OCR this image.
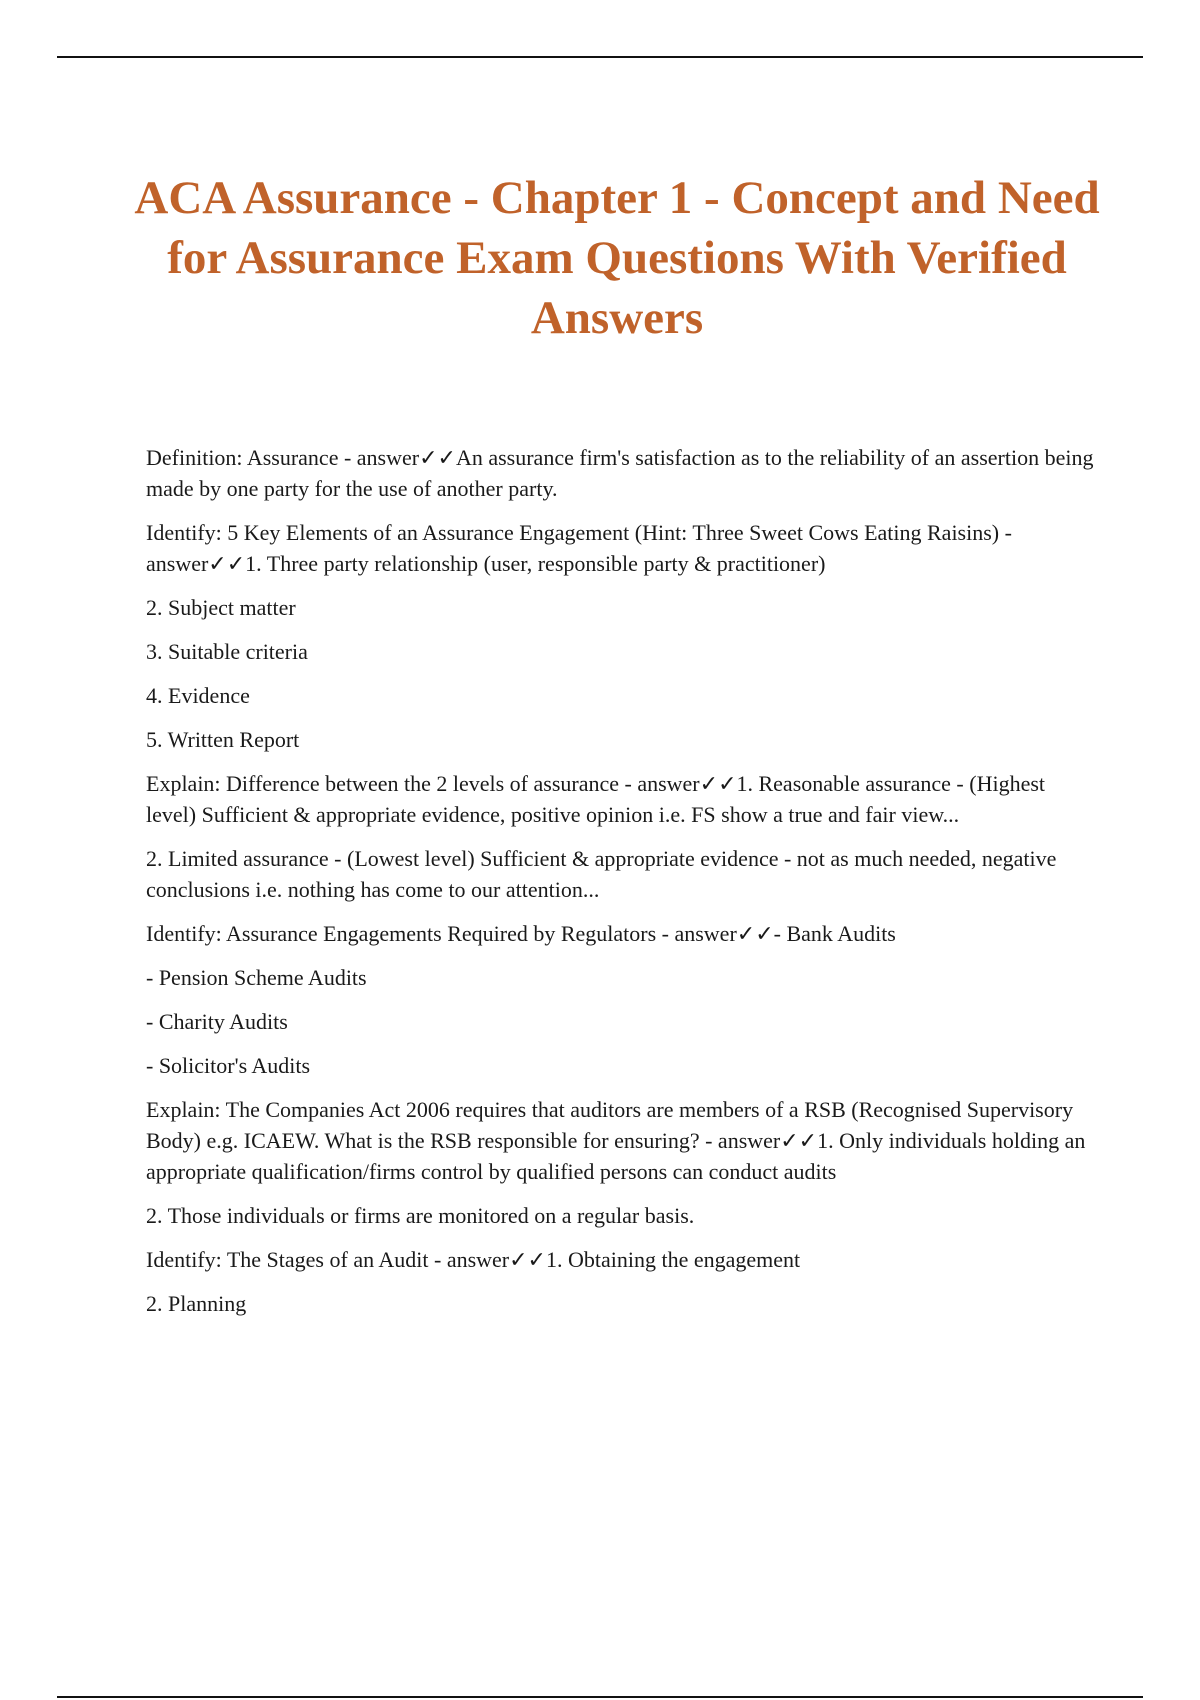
ACA Assurance - Chapter 1 - Concept and Need for Assurance Exam Questions With Verified Answers

Definition: Assurance - answer✓✓An assurance firm's satisfaction as to the reliability of an assertion being made by one party for the use of another party.

Identify: 5 Key Elements of an Assurance Engagement (Hint: Three Sweet Cows Eating Raisins) - answer✓✓1. Three party relationship (user, responsible party & practitioner)

2. Subject matter

3. Suitable criteria

4. Evidence

5. Written Report

Explain: Difference between the 2 levels of assurance - answer✓✓1. Reasonable assurance - (Highest level) Sufficient & appropriate evidence, positive opinion i.e. FS show a true and fair view...

2. Limited assurance - (Lowest level) Sufficient & appropriate evidence - not as much needed, negative conclusions i.e. nothing has come to our attention...

Identify: Assurance Engagements Required by Regulators - answer✓✓- Bank Audits

- Pension Scheme Audits

- Charity Audits

- Solicitor's Audits

Explain: The Companies Act 2006 requires that auditors are members of a RSB (Recognised Supervisory Body) e.g. ICAEW. What is the RSB responsible for ensuring? - answer✓✓1. Only individuals holding an appropriate qualification/firms control by qualified persons can conduct audits

2. Those individuals or firms are monitored on a regular basis.

Identify: The Stages of an Audit - answer✓✓1. Obtaining the engagement

2. Planning
